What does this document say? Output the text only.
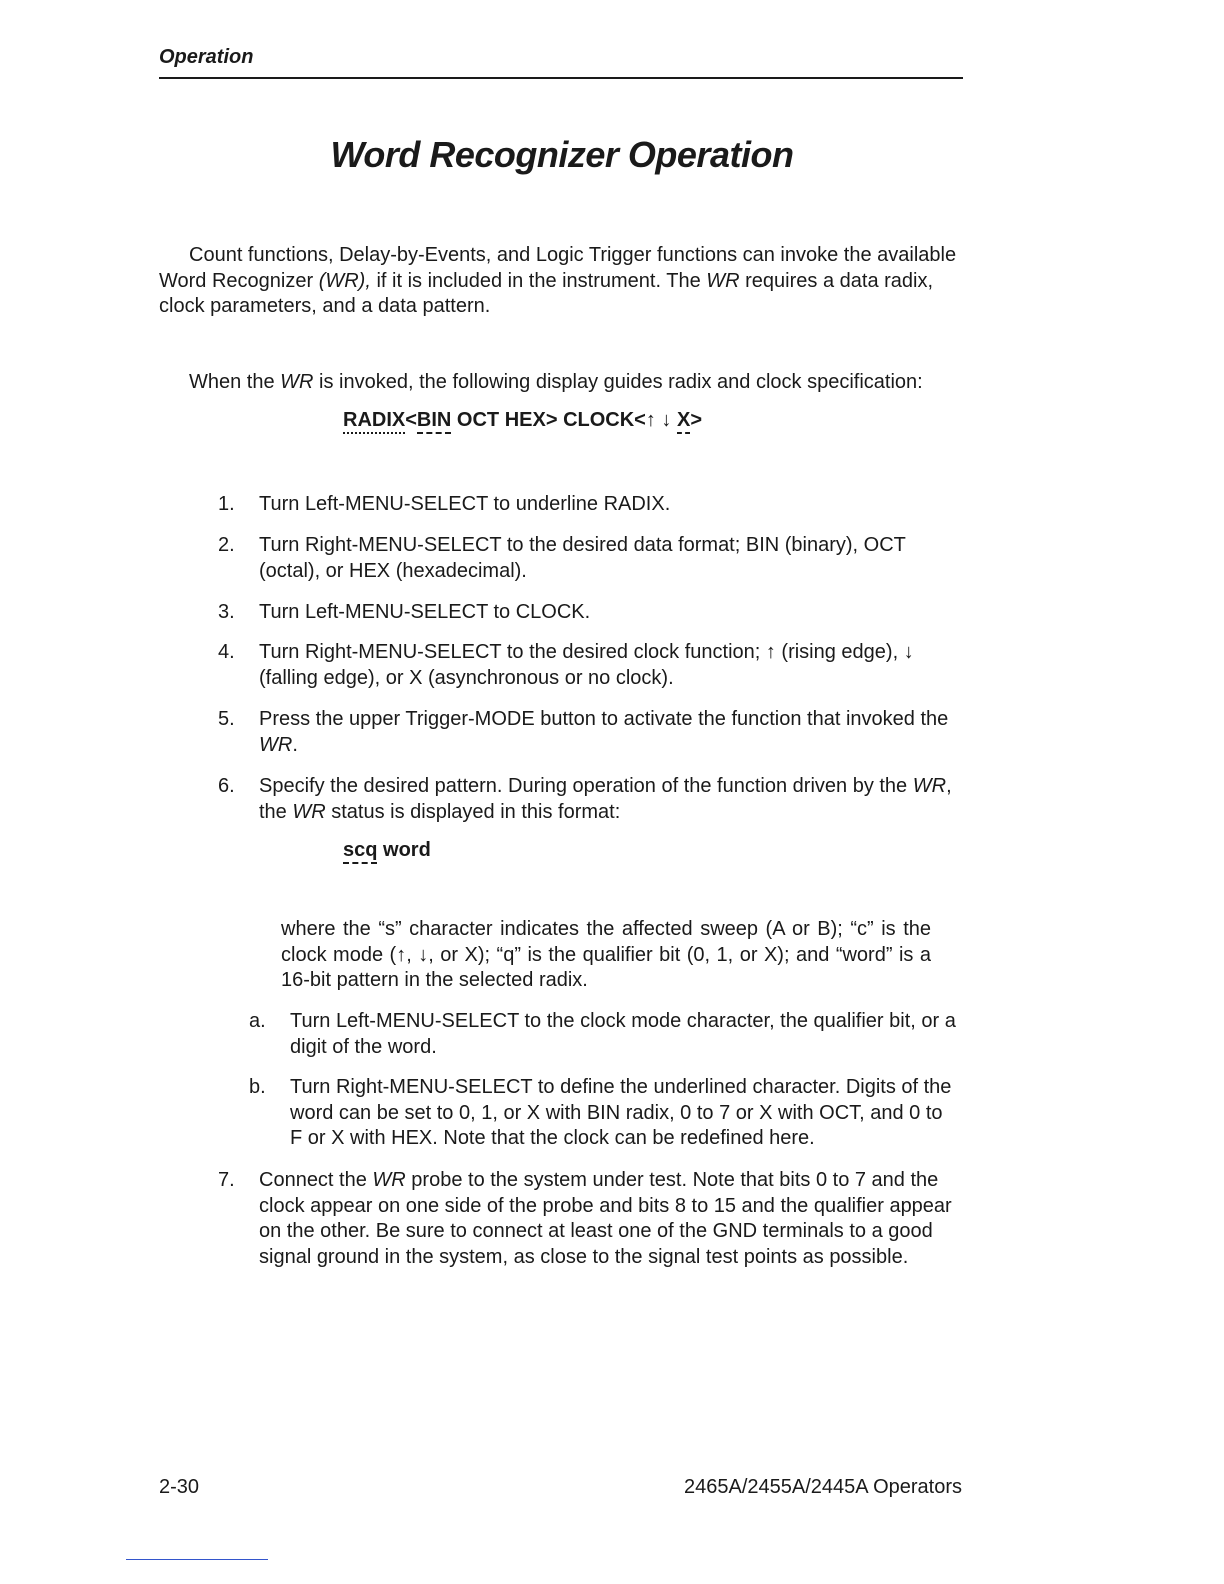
Operation
Word Recognizer Operation

Count functions, Delay-by-Events, and Logic Trigger functions can invoke the available Word Recognizer (WR), if it is included in the instrument. The WR requires a data radix, clock parameters, and a data pattern.

When the WR is invoked, the following display guides radix and clock specification:

RADIX<BIN OCT HEX> CLOCK<↑ ↓ X>
1.	Turn Left-MENU-SELECT to underline RADIX.
2.	Turn Right-MENU-SELECT to the desired data format; BIN (binary), OCT (octal), or HEX (hexadecimal).
3.	Turn Left-MENU-SELECT to CLOCK.
4.	Turn Right-MENU-SELECT to the desired clock function; ↑ (rising edge), ↓ (falling edge), or X (asynchronous or no clock).
5.	Press the upper Trigger-MODE button to activate the function that invoked the WR.
6.	Specify the desired pattern. During operation of the function driven by the WR, the WR status is displayed in this format:
scq word
where the “s” character indicates the affected sweep (A or B); “c” is the clock mode (↑, ↓, or X); “q” is the qualifier bit (0, 1, or X); and “word” is a 16-bit pattern in the selected radix.
a. Turn Left-MENU-SELECT to the clock mode character, the qualifier bit, or a digit of the word.
b. Turn Right-MENU-SELECT to define the underlined character. Digits of the word can be set to 0, 1, or X with BIN radix, 0 to 7 or X with OCT, and 0 to F or X with HEX. Note that the clock can be redefined here.
7.	Connect the WR probe to the system under test. Note that bits 0 to 7 and the clock appear on one side of the probe and bits 8 to 15 and the qualifier appear on the other. Be sure to connect at least one of the GND terminals to a good signal ground in the system, as close to the signal test points as possible.
2-30	2465A/2455A/2445A Operators
